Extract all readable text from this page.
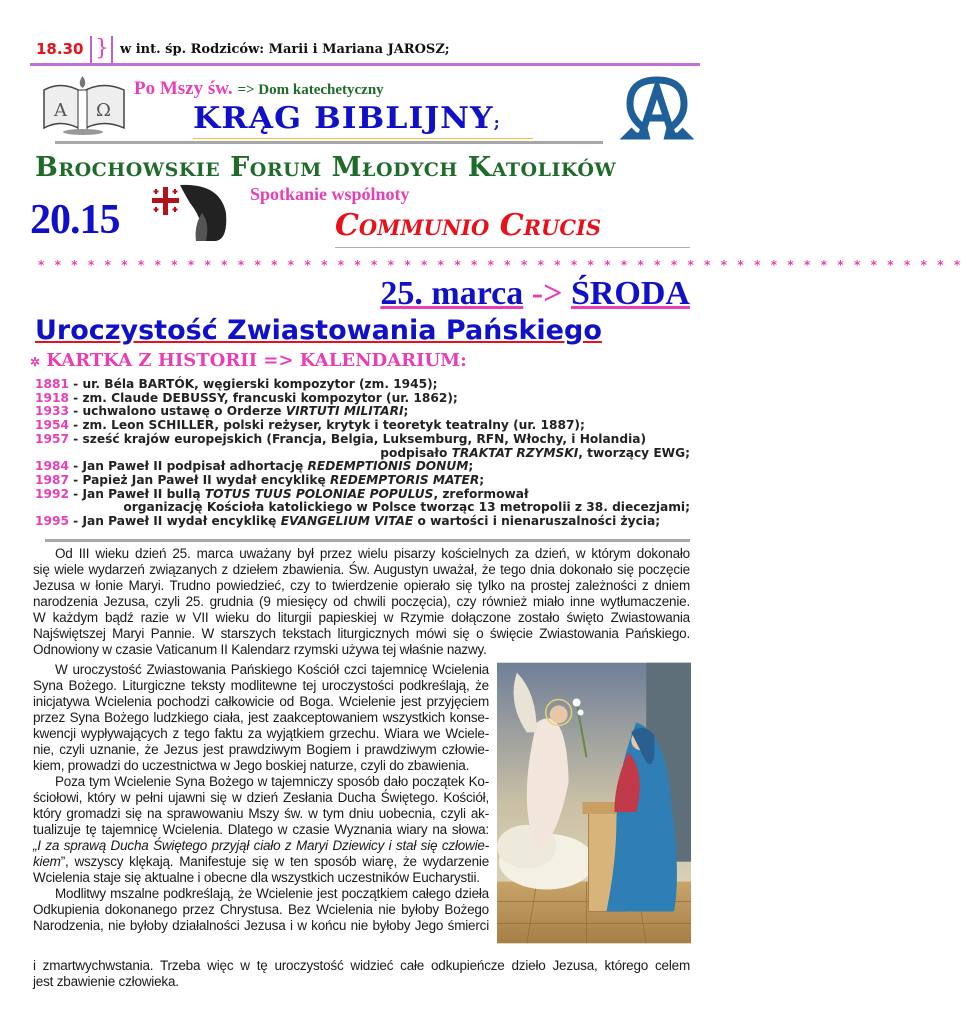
18.30 } w int. śp. Rodziców: Marii i Mariana JAROSZ;
A Ω
Po Mszy św. => Dom katechetyczny
KRĄG BIBLIJNY;
Brochowskie Forum Młodych Katolików
Spotkanie wspólnoty
20.15	Communio Crucis
* * * * * * * * * * * * * * * * * * * * * * * * * * * * * * * * * * * * * * * * * * * * * * * * * * * * * * * *
25. marca -> ŚRODA
Uroczystość Zwiastowania Pańskiego
✲ KARTKA Z HISTORII => KALENDARIUM:
1881 - ur. Béla BARTÓK, węgierski kompozytor (zm. 1945);
1918 - zm. Claude DEBUSSY, francuski kompozytor (ur. 1862);
1933 - uchwalono ustawę o Orderze VIRTUTI MILITARI;
1954 - zm. Leon SCHILLER, polski reżyser, krytyk i teoretyk teatralny (ur. 1887);
1957 - sześć krajów europejskich (Francja, Belgia, Luksemburg, RFN, Włochy, i Holandia)
podpisało TRAKTAT RZYMSKI, tworzący EWG;
1984 - Jan Paweł II podpisał adhortację REDEMPTIONIS DONUM;
1987 - Papież Jan Paweł II wydał encyklikę REDEMPTORIS MATER;
1992 - Jan Paweł II bullą TOTUS TUUS POLONIAE POPULUS, zreformował
organizację Kościoła katolickiego w Polsce tworząc 13 metropolii z 38. diecezjami;
1995 - Jan Paweł II wydał encyklikę EVANGELIUM VITAE o wartości i nienaruszalności życia;
Od III wieku dzień 25. marca uważany był przez wielu pisarzy kościelnych za dzień, w którym dokonało
się wiele wydarzeń związanych z dziełem zbawienia. Św. Augustyn uważał, że tego dnia dokonało się poczęcie
Jezusa w łonie Maryi. Trudno powiedzieć, czy to twierdzenie opierało się tylko na prostej zależności z dniem
narodzenia Jezusa, czyli 25. grudnia (9 miesięcy od chwili poczęcia), czy również miało inne wytłumaczenie.
W każdym bądź razie w VII wieku do liturgii papieskiej w Rzymie dołączone zostało święto Zwiastowania
Najświętszej Maryi Pannie. W starszych tekstach liturgicznych mówi się o święcie Zwiastowania Pańskiego.
Odnowiony w czasie Vaticanum II Kalendarz rzymski używa tej właśnie nazwy.
W uroczystość Zwiastowania Pańskiego Kościół czci tajemnicę Wcielenia
Syna Bożego. Liturgiczne teksty modlitewne tej uroczystości podkreślają, że
inicjatywa Wcielenia pochodzi całkowicie od Boga. Wcielenie jest przyjęciem
przez Syna Bożego ludzkiego ciała, jest zaakceptowaniem wszystkich konse-
kwencji wypływających z tego faktu za wyjątkiem grzechu. Wiara we Wciele-
nie, czyli uznanie, że Jezus jest prawdziwym Bogiem i prawdziwym człowie-
kiem, prowadzi do uczestnictwa w Jego boskiej naturze, czyli do zbawienia.
Poza tym Wcielenie Syna Bożego w tajemniczy sposób dało początek Ko-
ściołowi, który w pełni ujawni się w dzień Zesłania Ducha Świętego. Kościół,
który gromadzi się na sprawowaniu Mszy św. w tym dniu uobecnia, czyli ak-
tualizuje tę tajemnicę Wcielenia. Dlatego w czasie Wyznania wiary na słowa:
„I za sprawą Ducha Świętego przyjął ciało z Maryi Dziewicy i stał się człowie-
kiem”, wszyscy klękają. Manifestuje się w ten sposób wiarę, że wydarzenie
Wcielenia staje się aktualne i obecne dla wszystkich uczestników Eucharystii.
Modlitwy mszalne podkreślają, że Wcielenie jest początkiem całego dzieła
Odkupienia dokonanego przez Chrystusa. Bez Wcielenia nie byłoby Bożego
Narodzenia, nie byłoby działalności Jezusa i w końcu nie byłoby Jego śmierci
i zmartwychwstania. Trzeba więc w tę uroczystość widzieć całe odkupieńcze dzieło Jezusa, którego celem
jest zbawienie człowieka.
